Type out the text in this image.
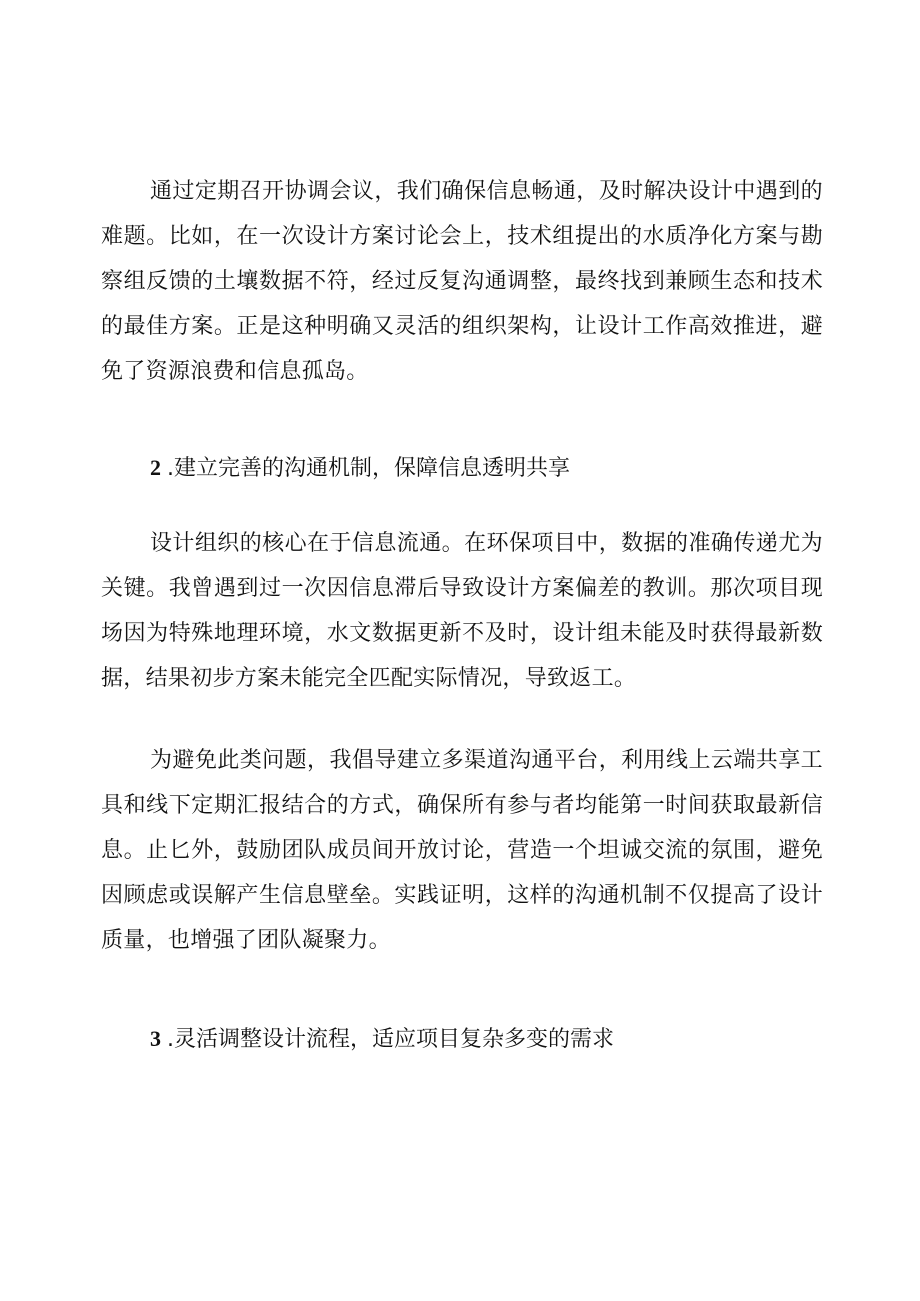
通过定期召开协调会议，我们确保信息畅通，及时解决设计中遇到的难题。比如，在一次设计方案讨论会上，技术组提出的水质净化方案与勘察组反馈的土壤数据不符，经过反复沟通调整，最终找到兼顾生态和技术的最佳方案。正是这种明确又灵活的组织架构，让设计工作高效推进，避免了资源浪费和信息孤岛。

2 .建立完善的沟通机制，保障信息透明共享

设计组织的核心在于信息流通。在环保项目中，数据的准确传递尤为关键。我曾遇到过一次因信息滞后导致设计方案偏差的教训。那次项目现场因为特殊地理环境，水文数据更新不及时，设计组未能及时获得最新数据，结果初步方案未能完全匹配实际情况，导致返工。

为避免此类问题，我倡导建立多渠道沟通平台，利用线上云端共享工具和线下定期汇报结合的方式，确保所有参与者均能第一时间获取最新信息。止匕外，鼓励团队成员间开放讨论，营造一个坦诚交流的氛围，避免因顾虑或误解产生信息壁垒。实践证明，这样的沟通机制不仅提高了设计质量，也增强了团队凝聚力。

3 .灵活调整设计流程，适应项目复杂多变的需求
